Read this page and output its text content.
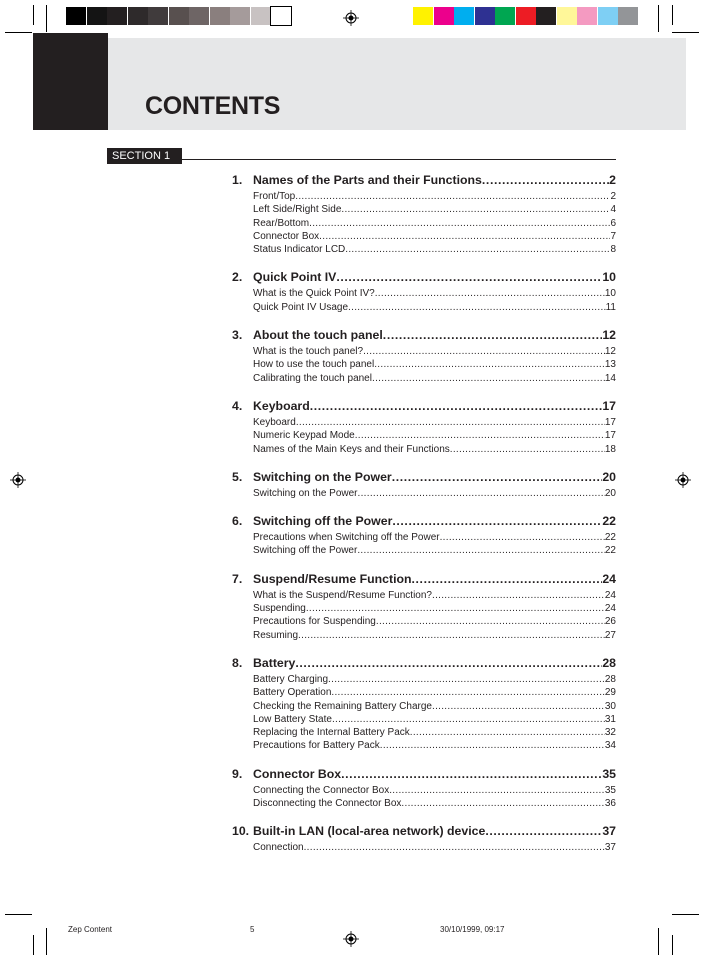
CONTENTS
SECTION 1
1. Names of the Parts and their Functions .....	2
Front/Top .....	2
Left Side/Right Side .....	4
Rear/Bottom .....	6
Connector Box .....	7
Status Indicator LCD .....	8
2. Quick Point IV .....	10
What is the Quick Point IV? .....	10
Quick Point IV Usage .....	11
3. About the touch panel .....	12
What is the touch panel? .....	12
How to use the touch panel .....	13
Calibrating the touch panel .....	14
4. Keyboard .....	17
Keyboard .....	17
Numeric Keypad Mode .....	17
Names of the Main Keys and their Functions .....	18
5. Switching on the Power .....	20
Switching on the Power .....	20
6. Switching off the Power .....	22
Precautions when Switching off the Power .....	22
Switching off the Power .....	22
7. Suspend/Resume Function .....	24
What is the Suspend/Resume Function? .....	24
Suspending .....	24
Precautions for Suspending .....	26
Resuming .....	27
8. Battery .....	28
Battery Charging .....	28
Battery Operation .....	29
Checking the Remaining Battery Charge .....	30
Low Battery State .....	31
Replacing the Internal Battery Pack .....	32
Precautions for Battery Pack .....	34
9. Connector Box .....	35
Connecting the Connector Box .....	35
Disconnecting the Connector Box .....	36
10. Built-in LAN (local-area network) device .....	37
Connection .....	37
Zep Content	5	30/10/1999, 09:17
